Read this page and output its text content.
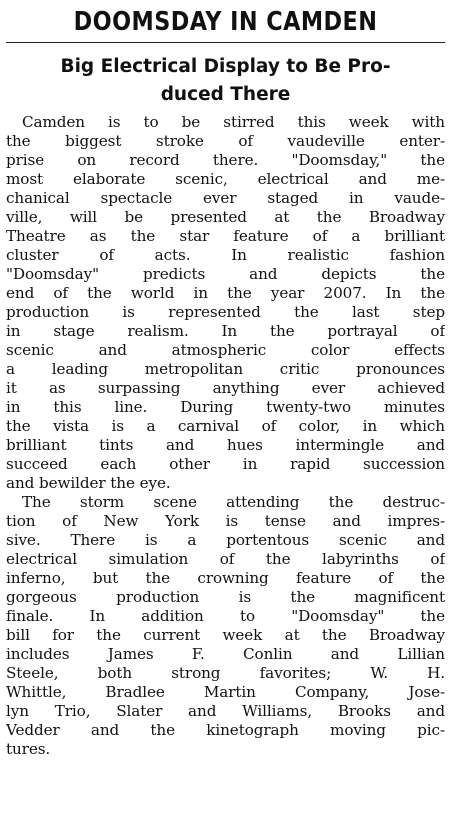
DOOMSDAY IN CAMDEN
Big Electrical Display to Be Pro-
duced There

Camden is to be stirred this week with
the biggest stroke of vaudeville enter-
prise on record there. "Doomsday," the
most elaborate scenic, electrical and me-
chanical spectacle ever staged in vaude-
ville, will be presented at the Broadway
Theatre as the star feature of a brilliant
cluster of acts. In realistic fashion
"Doomsday" predicts and depicts the
end of the world in the year 2007. In the
production is represented the last step
in stage realism. In the portrayal of
scenic and atmospheric color effects
a leading metropolitan critic pronounces
it as surpassing anything ever achieved
in this line. During twenty-two minutes
the vista is a carnival of color, in which
brilliant tints and hues intermingle and
succeed each other in rapid succession
and bewilder the eye.

The storm scene attending the destruc-
tion of New York is tense and impres-
sive. There is a portentous scenic and
electrical simulation of the labyrinths of
inferno, but the crowning feature of the
gorgeous production is the magnificent
finale. In addition to "Doomsday" the
bill for the current week at the Broadway
includes James F. Conlin and Lillian
Steele, both strong favorites; W. H.
Whittle, Bradlee Martin Company, Jose-
lyn Trio, Slater and Williams, Brooks and
Vedder and the kinetograph moving pic-
tures.
